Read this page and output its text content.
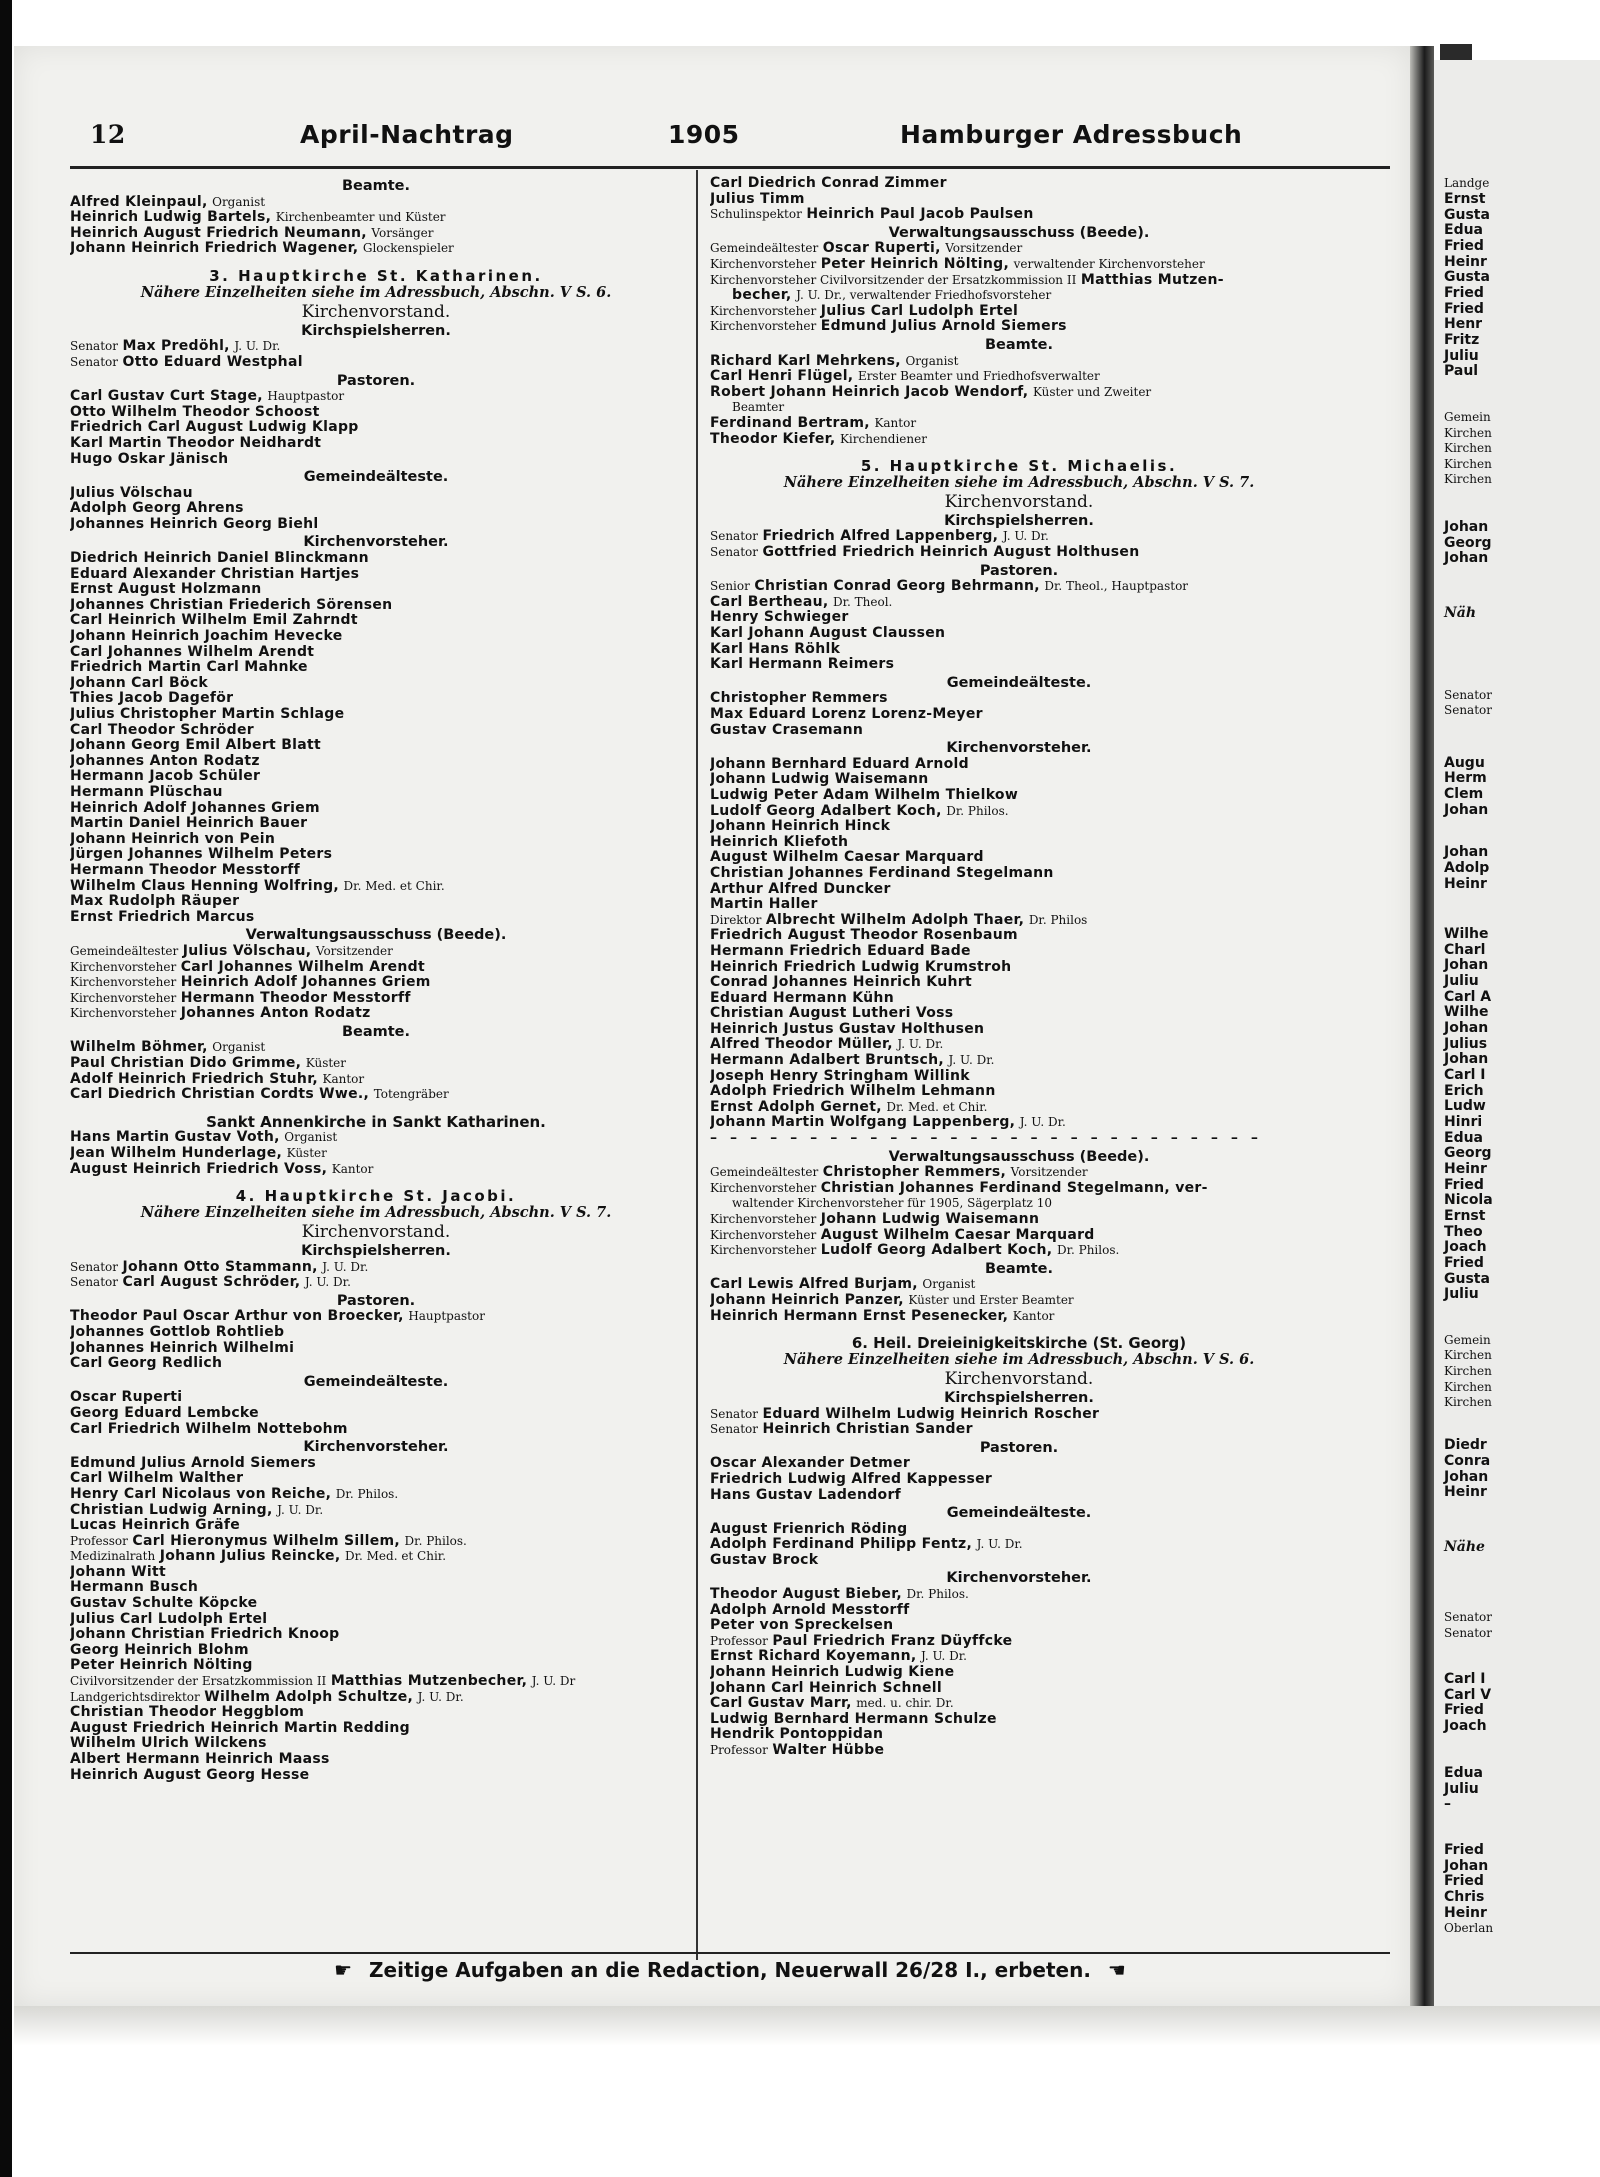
Landge
Ernst
Gusta
Edua
Fried
Heinr
Gusta
Fried
Fried
Henr
Fritz
Juliu
Paul
Gemein
Kirchen
Kirchen
Kirchen
Kirchen
Johan
Georg
Johan
Näh
Senator
Senator
Augu
Herm
Clem
Johan
Johan
Adolp
Heinr
Wilhe
Charl
Johan
Juliu
Carl A
Wilhe
Johan
Julius
Johan
Carl I
Erich
Ludw
Hinri
Edua
Georg
Heinr
Fried
Nicola
Ernst
Theo
Joach
Fried
Gusta
Juliu
Gemein
Kirchen
Kirchen
Kirchen
Kirchen
Diedr
Conra
Johan
Heinr
Nähe
Senator
Senator
Carl I
Carl V
Fried
Joach
Edua
Juliu
–
Fried
Johan
Fried
Chris
Heinr
Oberlan
12	April-Nachtrag	1905	Hamburger Adressbuch
Beamte.
Alfred Kleinpaul, Organist
Heinrich Ludwig Bartels, Kirchenbeamter und Küster
Heinrich August Friedrich Neumann, Vorsänger
Johann Heinrich Friedrich Wagener, Glockenspieler
3. Hauptkirche St. Katharinen.
Nähere Einzelheiten siehe im Adressbuch, Abschn. V S. 6.
Kirchenvorstand.
Kirchspielsherren.
Senator Max Predöhl, J. U. Dr.
Senator Otto Eduard Westphal
Pastoren.
Carl Gustav Curt Stage, Hauptpastor
Otto Wilhelm Theodor Schoost
Friedrich Carl August Ludwig Klapp
Karl Martin Theodor Neidhardt
Hugo Oskar Jänisch
Gemeindeälteste.
Julius Völschau
Adolph Georg Ahrens
Johannes Heinrich Georg Biehl
Kirchenvorsteher.
Diedrich Heinrich Daniel Blinckmann
Eduard Alexander Christian Hartjes
Ernst August Holzmann
Johannes Christian Friederich Sörensen
Carl Heinrich Wilhelm Emil Zahrndt
Johann Heinrich Joachim Hevecke
Carl Johannes Wilhelm Arendt
Friedrich Martin Carl Mahnke
Johann Carl Böck
Thies Jacob Dageför
Julius Christopher Martin Schlage
Carl Theodor Schröder
Johann Georg Emil Albert Blatt
Johannes Anton Rodatz
Hermann Jacob Schüler
Hermann Plüschau
Heinrich Adolf Johannes Griem
Martin Daniel Heinrich Bauer
Johann Heinrich von Pein
Jürgen Johannes Wilhelm Peters
Hermann Theodor Messtorff
Wilhelm Claus Henning Wolfring, Dr. Med. et Chir.
Max Rudolph Räuper
Ernst Friedrich Marcus
Verwaltungsausschuss (Beede).
Gemeindeältester Julius Völschau, Vorsitzender
Kirchenvorsteher Carl Johannes Wilhelm Arendt
Kirchenvorsteher Heinrich Adolf Johannes Griem
Kirchenvorsteher Hermann Theodor Messtorff
Kirchenvorsteher Johannes Anton Rodatz
Beamte.
Wilhelm Böhmer, Organist
Paul Christian Dido Grimme, Küster
Adolf Heinrich Friedrich Stuhr, Kantor
Carl Diedrich Christian Cordts Wwe., Totengräber
Sankt Annenkirche in Sankt Katharinen.
Hans Martin Gustav Voth, Organist
Jean Wilhelm Hunderlage, Küster
August Heinrich Friedrich Voss, Kantor
4. Hauptkirche St. Jacobi.
Nähere Einzelheiten siehe im Adressbuch, Abschn. V S. 7.
Kirchenvorstand.
Kirchspielsherren.
Senator Johann Otto Stammann, J. U. Dr.
Senator Carl August Schröder, J. U. Dr.
Pastoren.
Theodor Paul Oscar Arthur von Broecker, Hauptpastor
Johannes Gottlob Rohtlieb
Johannes Heinrich Wilhelmi
Carl Georg Redlich
Gemeindeälteste.
Oscar Ruperti
Georg Eduard Lembcke
Carl Friedrich Wilhelm Nottebohm
Kirchenvorsteher.
Edmund Julius Arnold Siemers
Carl Wilhelm Walther
Henry Carl Nicolaus von Reiche, Dr. Philos.
Christian Ludwig Arning, J. U. Dr.
Lucas Heinrich Gräfe
Professor Carl Hieronymus Wilhelm Sillem, Dr. Philos.
Medizinalrath Johann Julius Reincke, Dr. Med. et Chir.
Johann Witt
Hermann Busch
Gustav Schulte Köpcke
Julius Carl Ludolph Ertel
Johann Christian Friedrich Knoop
Georg Heinrich Blohm
Peter Heinrich Nölting
Civilvorsitzender der Ersatzkommission II Matthias Mutzenbecher, J. U. Dr
Landgerichtsdirektor Wilhelm Adolph Schultze, J. U. Dr.
Christian Theodor Heggblom
August Friedrich Heinrich Martin Redding
Wilhelm Ulrich Wilckens
Albert Hermann Heinrich Maass
Heinrich August Georg Hesse
Carl Diedrich Conrad Zimmer
Julius Timm
Schulinspektor Heinrich Paul Jacob Paulsen
Verwaltungsausschuss (Beede).
Gemeindeältester Oscar Ruperti, Vorsitzender
Kirchenvorsteher Peter Heinrich Nölting, verwaltender Kirchenvorsteher
Kirchenvorsteher Civilvorsitzender der Ersatzkommission II Matthias Mutzen-
becher, J. U. Dr., verwaltender Friedhofsvorsteher
Kirchenvorsteher Julius Carl Ludolph Ertel
Kirchenvorsteher Edmund Julius Arnold Siemers
Beamte.
Richard Karl Mehrkens, Organist
Carl Henri Flügel, Erster Beamter und Friedhofsverwalter
Robert Johann Heinrich Jacob Wendorf, Küster und Zweiter
Beamter
Ferdinand Bertram, Kantor
Theodor Kiefer, Kirchendiener
5. Hauptkirche St. Michaelis.
Nähere Einzelheiten siehe im Adressbuch, Abschn. V S. 7.
Kirchenvorstand.
Kirchspielsherren.
Senator Friedrich Alfred Lappenberg, J. U. Dr.
Senator Gottfried Friedrich Heinrich August Holthusen
Pastoren.
Senior Christian Conrad Georg Behrmann, Dr. Theol., Hauptpastor
Carl Bertheau, Dr. Theol.
Henry Schwieger
Karl Johann August Claussen
Karl Hans Röhlk
Karl Hermann Reimers
Gemeindeälteste.
Christopher Remmers
Max Eduard Lorenz Lorenz-Meyer
Gustav Crasemann
Kirchenvorsteher.
Johann Bernhard Eduard Arnold
Johann Ludwig Waisemann
Ludwig Peter Adam Wilhelm Thielkow
Ludolf Georg Adalbert Koch, Dr. Philos.
Johann Heinrich Hinck
Heinrich Kliefoth
August Wilhelm Caesar Marquard
Christian Johannes Ferdinand Stegelmann
Arthur Alfred Duncker
Martin Haller
Direktor Albrecht Wilhelm Adolph Thaer, Dr. Philos
Friedrich August Theodor Rosenbaum
Hermann Friedrich Eduard Bade
Heinrich Friedrich Ludwig Krumstroh
Conrad Johannes Heinrich Kuhrt
Eduard Hermann Kühn
Christian August Lutheri Voss
Heinrich Justus Gustav Holthusen
Alfred Theodor Müller, J. U. Dr.
Hermann Adalbert Bruntsch, J. U. Dr.
Joseph Henry Stringham Willink
Adolph Friedrich Wilhelm Lehmann
Ernst Adolph Gernet, Dr. Med. et Chir.
Johann Martin Wolfgang Lappenberg, J. U. Dr.
– – – – – – – – – – – – – – – – – – – – – – – – – – – –
Verwaltungsausschuss (Beede).
Gemeindeältester Christopher Remmers, Vorsitzender
Kirchenvorsteher Christian Johannes Ferdinand Stegelmann, ver-
waltender Kirchenvorsteher für 1905, Sägerplatz 10
Kirchenvorsteher Johann Ludwig Waisemann
Kirchenvorsteher August Wilhelm Caesar Marquard
Kirchenvorsteher Ludolf Georg Adalbert Koch, Dr. Philos.
Beamte.
Carl Lewis Alfred Burjam, Organist
Johann Heinrich Panzer, Küster und Erster Beamter
Heinrich Hermann Ernst Pesenecker, Kantor
6. Heil. Dreieinigkeitskirche (St. Georg)
Nähere Einzelheiten siehe im Adressbuch, Abschn. V S. 6.
Kirchenvorstand.
Kirchspielsherren.
Senator Eduard Wilhelm Ludwig Heinrich Roscher
Senator Heinrich Christian Sander
Pastoren.
Oscar Alexander Detmer
Friedrich Ludwig Alfred Kappesser
Hans Gustav Ladendorf
Gemeindeälteste.
August Frienrich Röding
Adolph Ferdinand Philipp Fentz, J. U. Dr.
Gustav Brock
Kirchenvorsteher.
Theodor August Bieber, Dr. Philos.
Adolph Arnold Messtorff
Peter von Spreckelsen
Professor Paul Friedrich Franz Düyffcke
Ernst Richard Koyemann, J. U. Dr.
Johann Heinrich Ludwig Kiene
Johann Carl Heinrich Schnell
Carl Gustav Marr, med. u. chir. Dr.
Ludwig Bernhard Hermann Schulze
Hendrik Pontoppidan
Professor Walter Hübbe
☛ Zeitige Aufgaben an die Redaction, Neuerwall 26/28 I., erbeten. ☚
